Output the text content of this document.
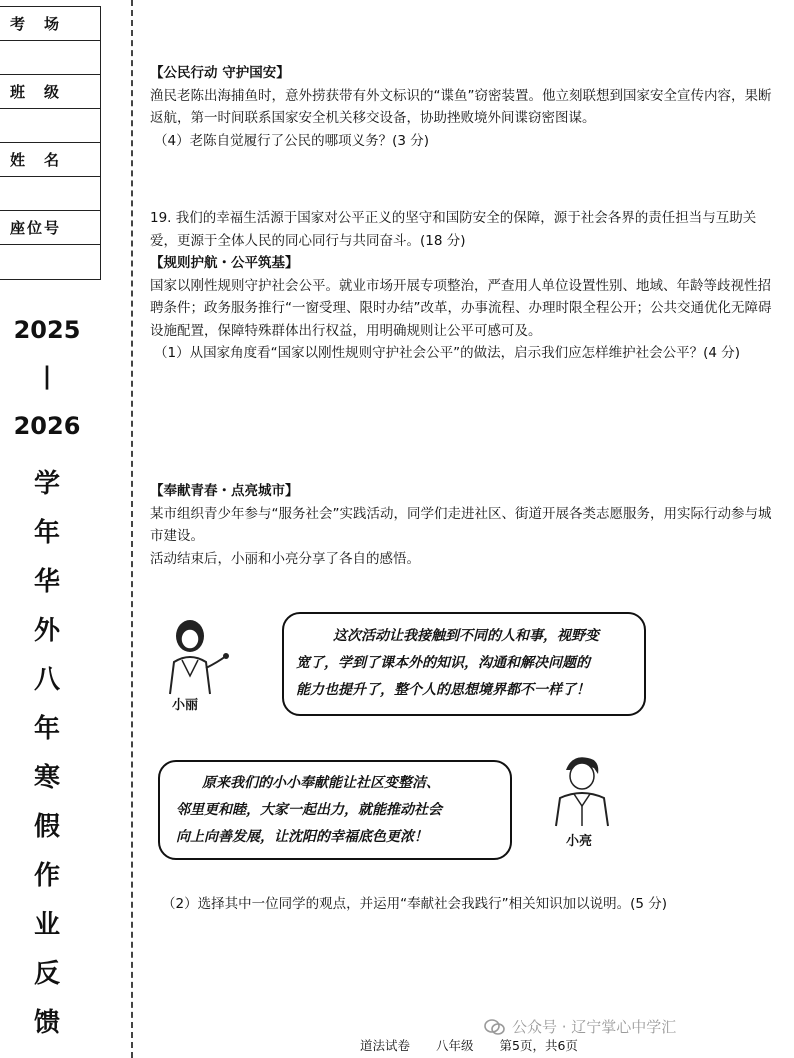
考　场
班　级
姓　名
座位号
2025
|
2026
学
年
华
外
八
年
寒
假
作
业
反
馈

【公民行动 守护国安】

渔民老陈出海捕鱼时，意外捞获带有外文标识的“谍鱼”窃密装置。他立刻联想到国家安全宣传内容，果断返航，第一时间联系国家安全机关移交设备，协助挫败境外间谍窃密图谋。

（4）老陈自觉履行了公民的哪项义务？(3 分)

19. 我们的幸福生活源于国家对公平正义的坚守和国防安全的保障，源于社会各界的责任担当与互助关爱，更源于全体人民的同心同行与共同奋斗。(18 分)

【规则护航・公平筑基】

国家以刚性规则守护社会公平。就业市场开展专项整治，严查用人单位设置性别、地域、年龄等歧视性招聘条件；政务服务推行“一窗受理、限时办结”改革，办事流程、办理时限全程公开；公共交通优化无障碍设施配置，保障特殊群体出行权益，用明确规则让公平可感可及。

（1）从国家角度看“国家以刚性规则守护社会公平”的做法，启示我们应怎样维护社会公平？(4 分)

【奉献青春・点亮城市】

某市组织青少年参与“服务社会”实践活动，同学们走进社区、街道开展各类志愿服务，用实际行动参与城市建设。

活动结束后，小丽和小亮分享了各自的感悟。

小丽
这次活动让我接触到不同的人和事，视野变
宽了，学到了课本外的知识，沟通和解决问题的
能力也提升了，整个人的思想境界都不一样了！
原来我们的小小奉献能让社区变整洁、
邻里更和睦，大家一起出力，就能推动社会
向上向善发展，让沈阳的幸福底色更浓！	小亮
（2）选择其中一位同学的观点，并运用“奉献社会我践行”相关知识加以说明。(5 分)
公众号 · 辽宁掌心中学汇
道法试卷 八年级 第5页，共6页
